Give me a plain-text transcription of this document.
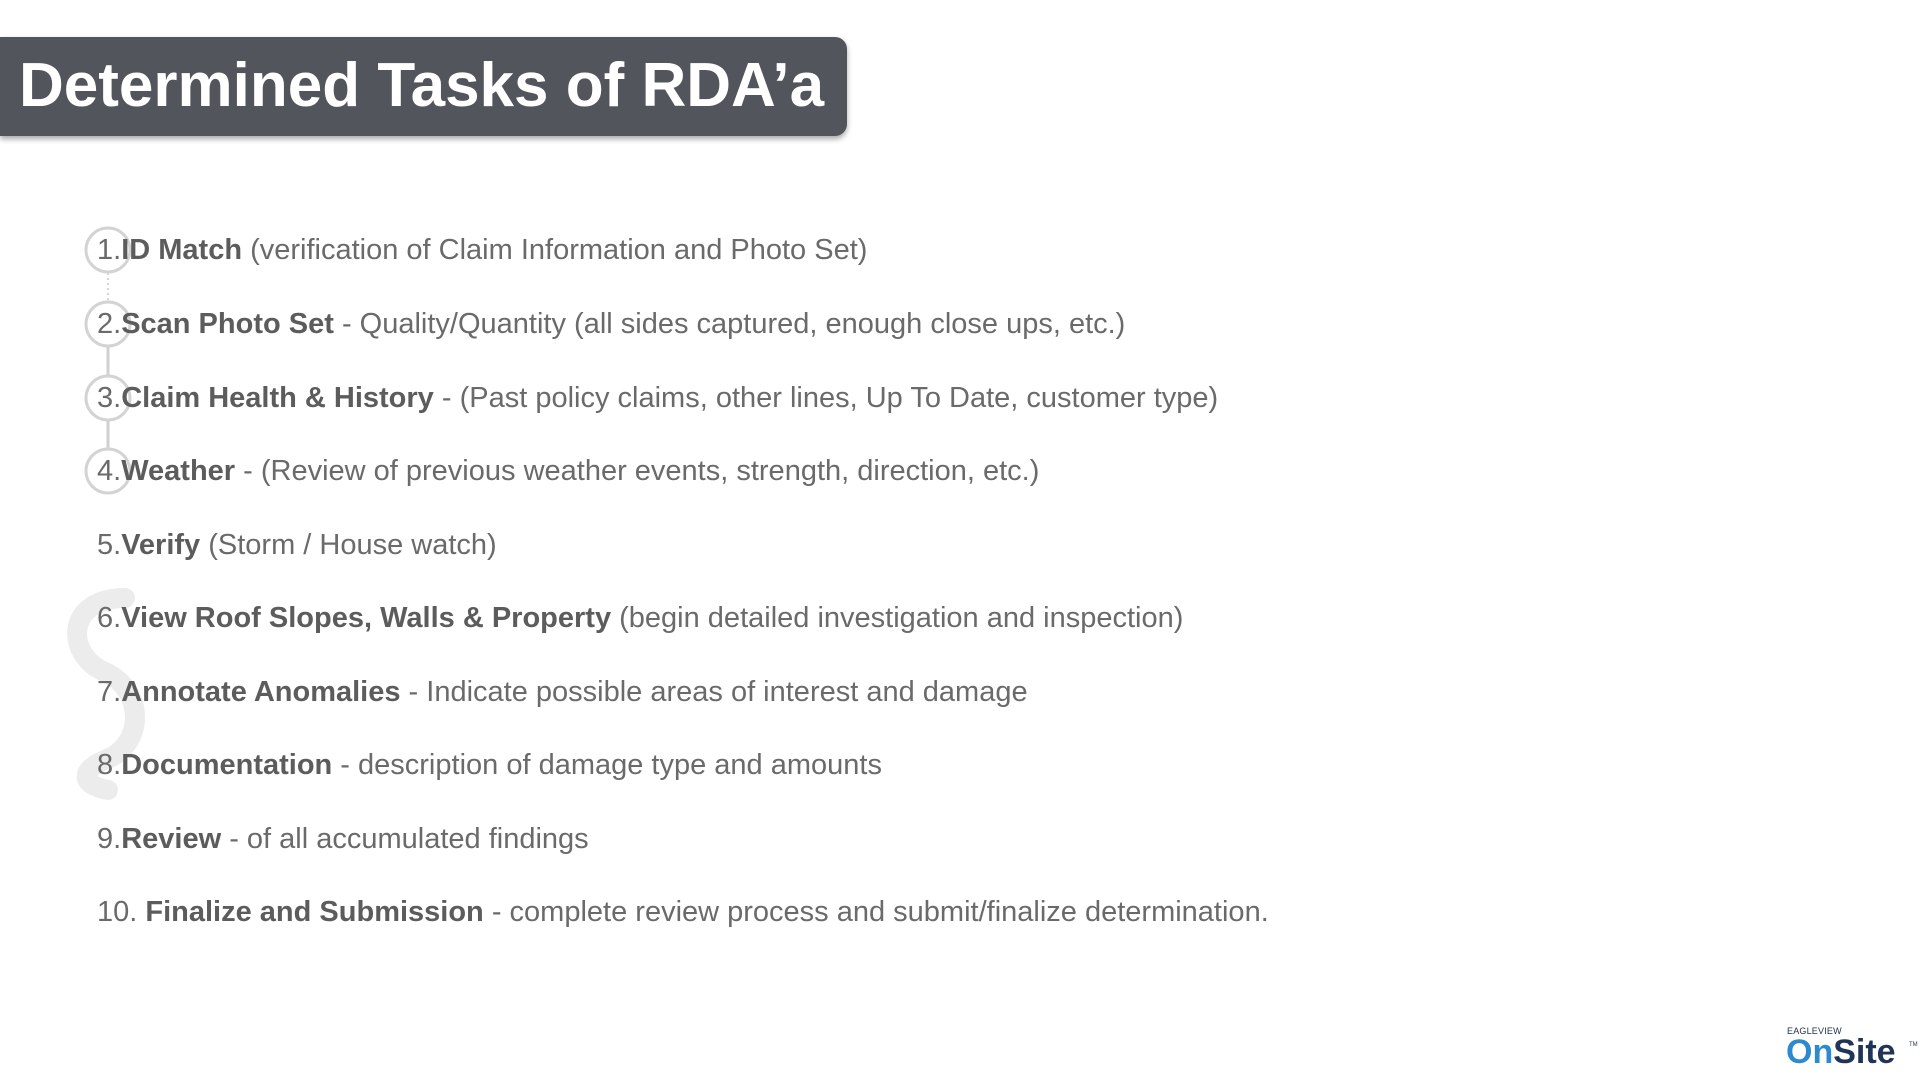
Determined Tasks of RDA’a
1.ID Match (verification of Claim Information and Photo Set)
2.Scan Photo Set - Quality/Quantity (all sides captured, enough close ups, etc.)
3.Claim Health & History - (Past policy claims, other lines, Up To Date, customer type)
4.Weather - (Review of previous weather events, strength, direction, etc.)
5.Verify (Storm / House watch)
6.View Roof Slopes, Walls & Property (begin detailed investigation and inspection)
7.Annotate Anomalies - Indicate possible areas of interest and damage
8.Documentation - description of damage type and amounts
9.Review - of all accumulated findings
10. Finalize and Submission - complete review process and submit/finalize determination.
EAGLEVIEW
OnSite TM
